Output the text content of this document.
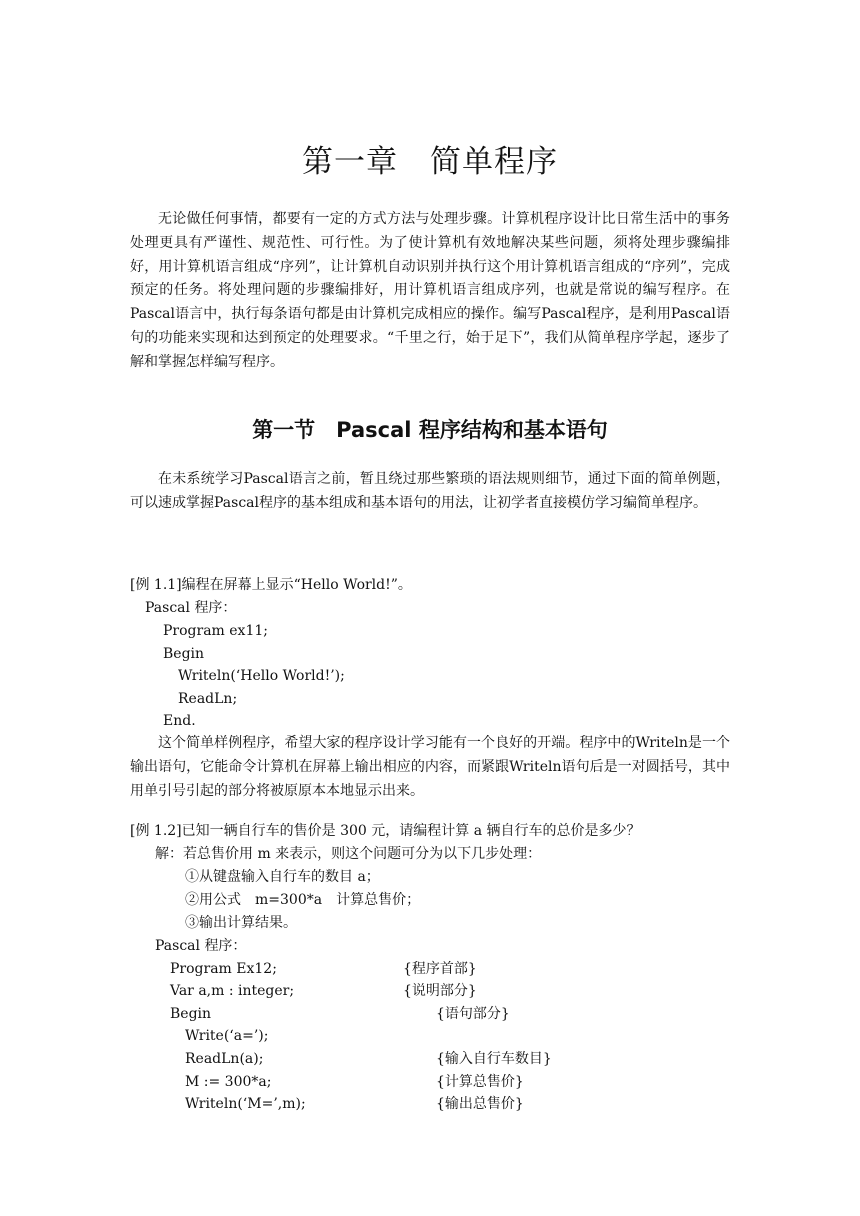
第一章　简单程序
无论做任何事情，都要有一定的方式方法与处理步骤。计算机程序设计比日常生活中的事务处理更具有严谨性、规范性、可行性。为了使计算机有效地解决某些问题，须将处理步骤编排好，用计算机语言组成“序列”，让计算机自动识别并执行这个用计算机语言组成的“序列”，完成预定的任务。将处理问题的步骤编排好，用计算机语言组成序列，也就是常说的编写程序。在Pascal语言中，执行每条语句都是由计算机完成相应的操作。编写Pascal程序，是利用Pascal语句的功能来实现和达到预定的处理要求。“千里之行，始于足下”，我们从简单程序学起，逐步了解和掌握怎样编写程序。
第一节　Pascal 程序结构和基本语句
在未系统学习Pascal语言之前，暂且绕过那些繁琐的语法规则细节，通过下面的简单例题，可以速成掌握Pascal程序的基本组成和基本语句的用法，让初学者直接模仿学习编简单程序。
[例 1.1]编程在屏幕上显示“Hello World!”。
Pascal 程序：
Program ex11;
Begin
Writeln(‘Hello World!’);
ReadLn;
End.
这个简单样例程序，希望大家的程序设计学习能有一个良好的开端。程序中的Writeln是一个输出语句，它能命令计算机在屏幕上输出相应的内容，而紧跟Writeln语句后是一对圆括号，其中用单引号引起的部分将被原原本本地显示出来。
[例 1.2]已知一辆自行车的售价是 300 元，请编程计算 a 辆自行车的总价是多少？
解：若总售价用 m 来表示，则这个问题可分为以下几步处理：
①从键盘输入自行车的数目 a；
②用公式　m=300*a　计算总售价；
③输出计算结果。
Pascal 程序：
Program Ex12;	{程序首部}
Var a,m : integer;	{说明部分}
Begin	{语句部分}
Write(‘a=’);
ReadLn(a);	{输入自行车数目}
M := 300*a;	{计算总售价}
Writeln(‘M=’,m);	{输出总售价}
